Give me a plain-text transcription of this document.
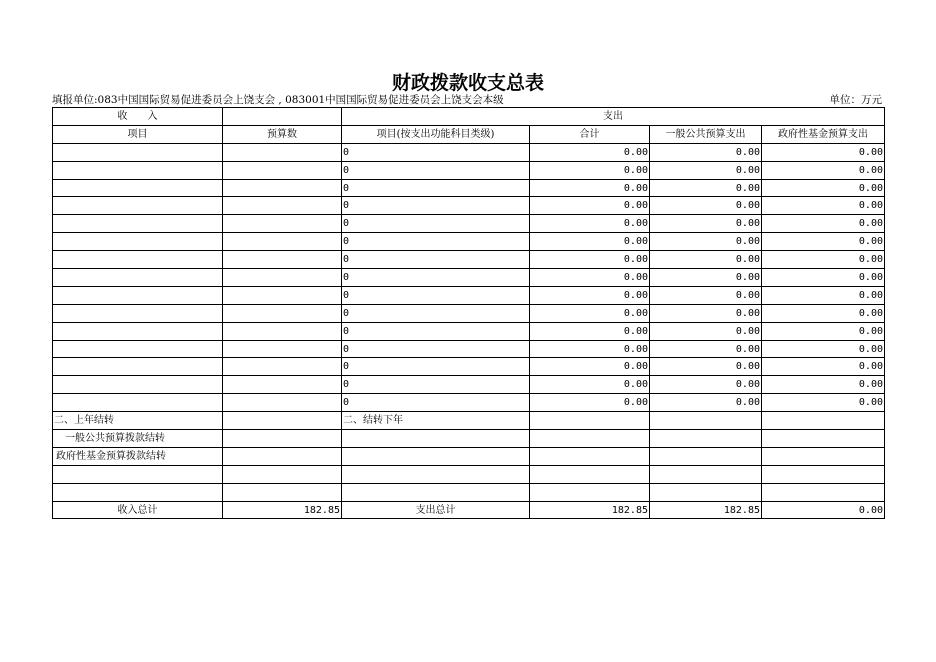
财政拨款收支总表
填报单位:083中国国际贸易促进委员会上饶支会 , 083001中国国际贸易促进委员会上饶支会本级	单位：万元
收　　入		支出			
项目	预算数	项目(按支出功能科目类级)	合计	一般公共预算支出	政府性基金预算支出
		0	0.00	0.00	0.00
		0	0.00	0.00	0.00
		0	0.00	0.00	0.00
		0	0.00	0.00	0.00
		0	0.00	0.00	0.00
		0	0.00	0.00	0.00
		0	0.00	0.00	0.00
		0	0.00	0.00	0.00
		0	0.00	0.00	0.00
		0	0.00	0.00	0.00
		0	0.00	0.00	0.00
		0	0.00	0.00	0.00
		0	0.00	0.00	0.00
		0	0.00	0.00	0.00
		0	0.00	0.00	0.00
二、上年结转		二、结转下年			
一般公共预算拨款结转					
政府性基金预算拨款结转					

收入总计	182.85	支出总计	182.85	182.85	0.00
